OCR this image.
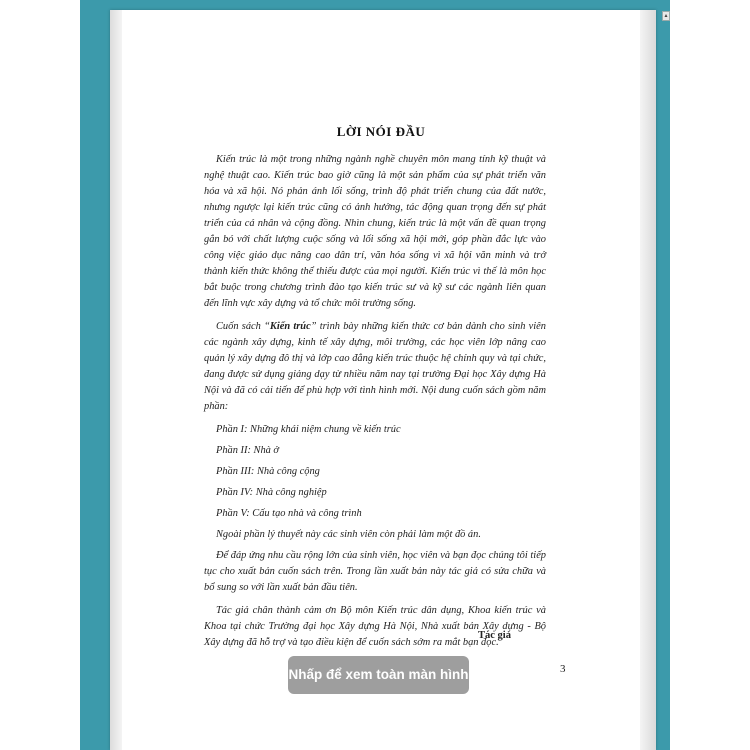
▴
LỜI NÓI ĐẦU

Kiến trúc là một trong những ngành nghề chuyên môn mang tính kỹ thuật và nghệ thuật cao. Kiến trúc bao giờ cũng là một sản phẩm của sự phát triển văn hóa và xã hội. Nó phản ánh lối sống, trình độ phát triển chung của đất nước, nhưng ngược lại kiến trúc cũng có ảnh hưởng, tác động quan trọng đến sự phát triển của cá nhân và cộng đồng. Nhìn chung, kiến trúc là một vấn đề quan trọng gắn bó với chất lượng cuộc sống và lối sống xã hội mới, góp phần đắc lực vào công việc giáo dục nâng cao dân trí, văn hóa sống vì xã hội văn minh và trở thành kiến thức không thể thiếu được của mọi người. Kiến trúc vì thế là môn học bắt buộc trong chương trình đào tạo kiến trúc sư và kỹ sư các ngành liên quan đến lĩnh vực xây dựng và tổ chức môi trường sống.

Cuốn sách “Kiến trúc” trình bày những kiến thức cơ bản dành cho sinh viên các ngành xây dựng, kinh tế xây dựng, môi trường, các học viên lớp nâng cao quản lý xây dựng đô thị và lớp cao đẳng kiến trúc thuộc hệ chính quy và tại chức, đang được sử dụng giảng dạy từ nhiều năm nay tại trường Đại học Xây dựng Hà Nội và đã có cải tiến để phù hợp với tình hình mới. Nội dung cuốn sách gồm năm phần:

Phần I: Những khái niệm chung về kiến trúc
Phần II: Nhà ở
Phần III: Nhà công cộng
Phần IV: Nhà công nghiệp
Phần V: Cấu tạo nhà và công trình
Ngoài phần lý thuyết này các sinh viên còn phải làm một đồ án.

Để đáp ứng nhu cầu rộng lớn của sinh viên, học viên và bạn đọc chúng tôi tiếp tục cho xuất bản cuốn sách trên. Trong lần xuất bản này tác giả có sửa chữa và bổ sung so với lần xuất bản đầu tiên.

Tác giả chân thành cảm ơn Bộ môn Kiến trúc dân dụng, Khoa kiến trúc và Khoa tại chức Trường đại học Xây dựng Hà Nội, Nhà xuất bản Xây dựng - Bộ Xây dựng đã hỗ trợ và tạo điều kiện để cuốn sách sớm ra mắt bạn đọc.

Tác giả
3
Nhấp để xem toàn màn hình
